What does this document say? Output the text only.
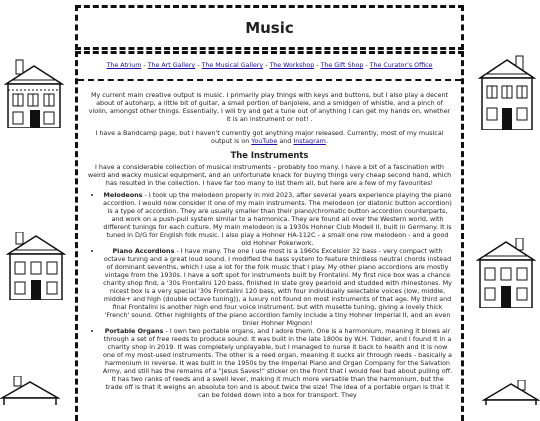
Music
The Atrium - The Art Gallery - The Musical Gallery - The Workshop - The Gift Shop - The Curator's Office

My current main creative output is music. I primarily play things with keys and buttons, but I also play a decent about of autoharp, a little bit of guitar, a small portion of banjolele, and a smidgen of whistle, and a pinch of violin, amongst other things. Essentially, I will try and get a tune out of anything I can get my hands on, whether it is an instrument or not! .

I have a Bandcamp page, but I haven't currently got anything major released. Currently, most of my musical output is on YouTube and Instagram.

The Instruments

I have a considerable collection of musical instruments - probably too many. I have a bit of a fascination with weird and wacky musical equipment, and an unfortunate knack for buying things very cheap second hand, which has resulted in the collection. I have far too many to list them all, but here are a few of my favourites!

• Melodeons - I took up the melodeon properly in mid 2023, after several years experience playing the piano accordion. I would now consider it one of my main instruments. The melodeon (or diatonic button accordion) is a type of accordion. They are usually smaller than their piano/chromatic button accordion counterparts, and work on a push-pull system similar to a harmonica. They are found all over the Western world, with different tunings for each culture. My main melodeon is a 1930s Hohner Club Modell II, built in Germany. It is tuned in D/G for English folk music. I also play a Hohner HA-112C - a small one row melodeon - and a good old Hohner Pokerwork.
• Piano Accordions - I have many. The one I use most is a 1960s Excelsior 32 bass - very compact with octave tuning and a great loud sound. I modified the bass system to feature thirdless neutral chords instead of dominant sevenths, which I use a lot for the folk music that I play. My other piano accordions are mostly vintage from the 1930s. I have a soft spot for instruments built by Frontalini. My first nice box was a chance charity shop find, a '30s Frontalini 120 bass, finished in slate grey pearloid and studded with rhinestones. My nicest box is a very special '30s Frontalini 120 bass, with four individually selectable voices (low, middle, middle+ and high (double octave tuning)), a luxury not found on most instruments of that age. My third and final Frontalini is another high end four voice instrument, but with musette tuning, giving a lovely thick 'French' sound. Other highlights of the piano accordion family include a tiny Hohner Imperial II, and an even tinier Hohner Mignon!
• Portable Organs - I own two portable organs, and I adore them. One is a harmonium, meaning it blows air through a set of free reeds to produce sound. It was built in the late 1800s by W.H. Tidder, and I found it in a charity shop in 2019. It was completely unplayable, but I managed to nurse it back to health and it is now one of my most-used instruments. The other is a reed organ, meaning it sucks air through reeds - basically a harmonium in reverse. It was built in the 1950s by the Imperial Piano and Organ Company for the Salvation Army, and still has the remains of a "Jesus Saves!" sticker on the front that I would feel bad about pulling off. It has two ranks of reeds and a swell lever, making it much more versatile than the harmonium, but the trade off is that it weighs an absolute ton and is about twice the size! The idea of a portable organ is that it can be folded down into a box for transport. They
